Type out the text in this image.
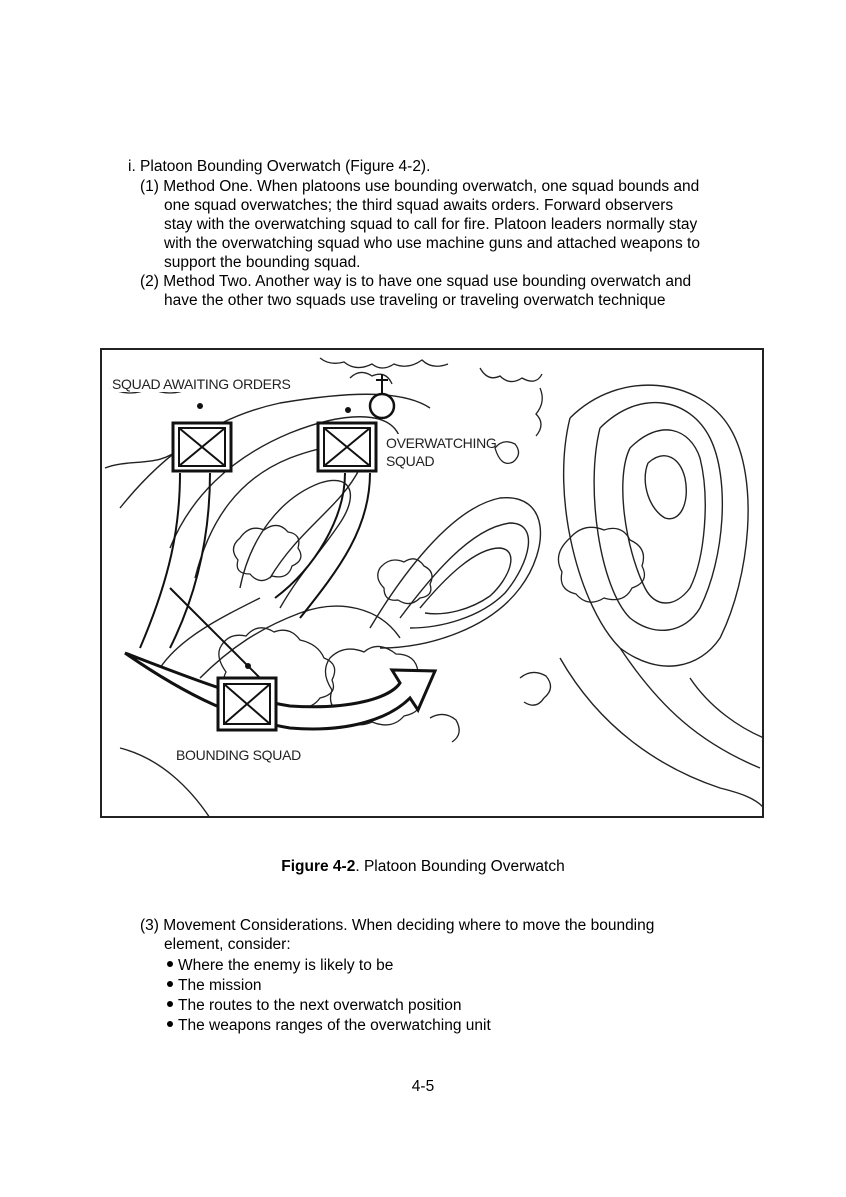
i. Platoon Bounding Overwatch (Figure 4-2).
(1) Method One. When platoons use bounding overwatch, one squad bounds and
one squad overwatches; the third squad awaits orders. Forward observers
stay with the overwatching squad to call for fire. Platoon leaders normally stay
with the overwatching squad who use machine guns and attached weapons to
support the bounding squad.
(2) Method Two. Another way is to have one squad use bounding overwatch and
have the other two squads use traveling or traveling overwatch technique
SQUAD AWAITING ORDERS
OVERWATCHING
SQUAD
BOUNDING SQUAD
Figure 4-2. Platoon Bounding Overwatch
(3) Movement Considerations. When deciding where to move the bounding
element, consider:
Where the enemy is likely to be
The mission
The routes to the next overwatch position
The weapons ranges of the overwatching unit
4-5
